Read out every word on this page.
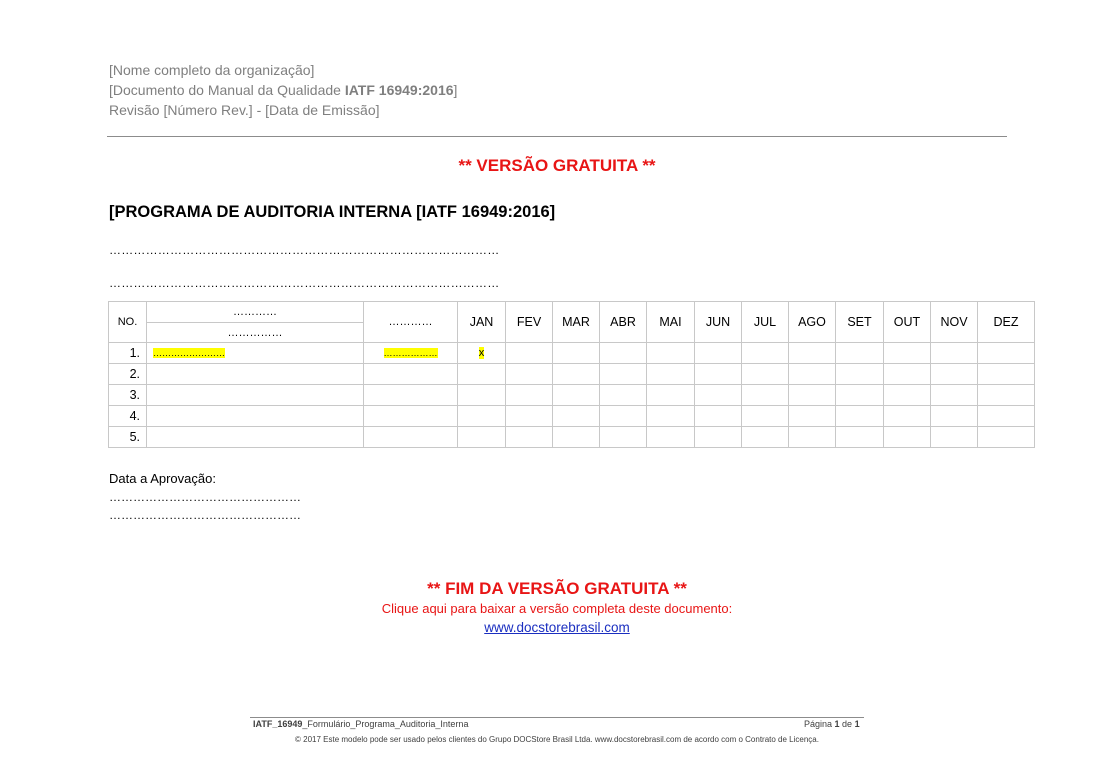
[Nome completo da organização]
[Documento do Manual da Qualidade IATF 16949:2016]
Revisão [Número Rev.] - [Data de Emissão]
** VERSÃO GRATUITA **
[PROGRAMA DE AUDITORIA INTERNA [IATF 16949:2016]
……………………………………………………………………………………
……………………………………………………………………………………
NO.	…………	…………	JAN	FEV	MAR	ABR	MAI	JUN	JUL	AGO	SET	OUT	NOV	DEZ
	……………													
1.	……………………	………………	x											
2.														
3.														
4.														
5.														
Data a Aprovação:
…………………………………………
…………………………………………
** FIM DA VERSÃO GRATUITA **
Clique aqui para baixar a versão completa deste documento:
www.docstorebrasil.com
IATF_16949_Formulário_Programa_Auditoria_Interna	Página 1 de 1
© 2017 Este modelo pode ser usado pelos clientes do Grupo DOCStore Brasil Ltda. www.docstorebrasil.com de acordo com o Contrato de Licença.
